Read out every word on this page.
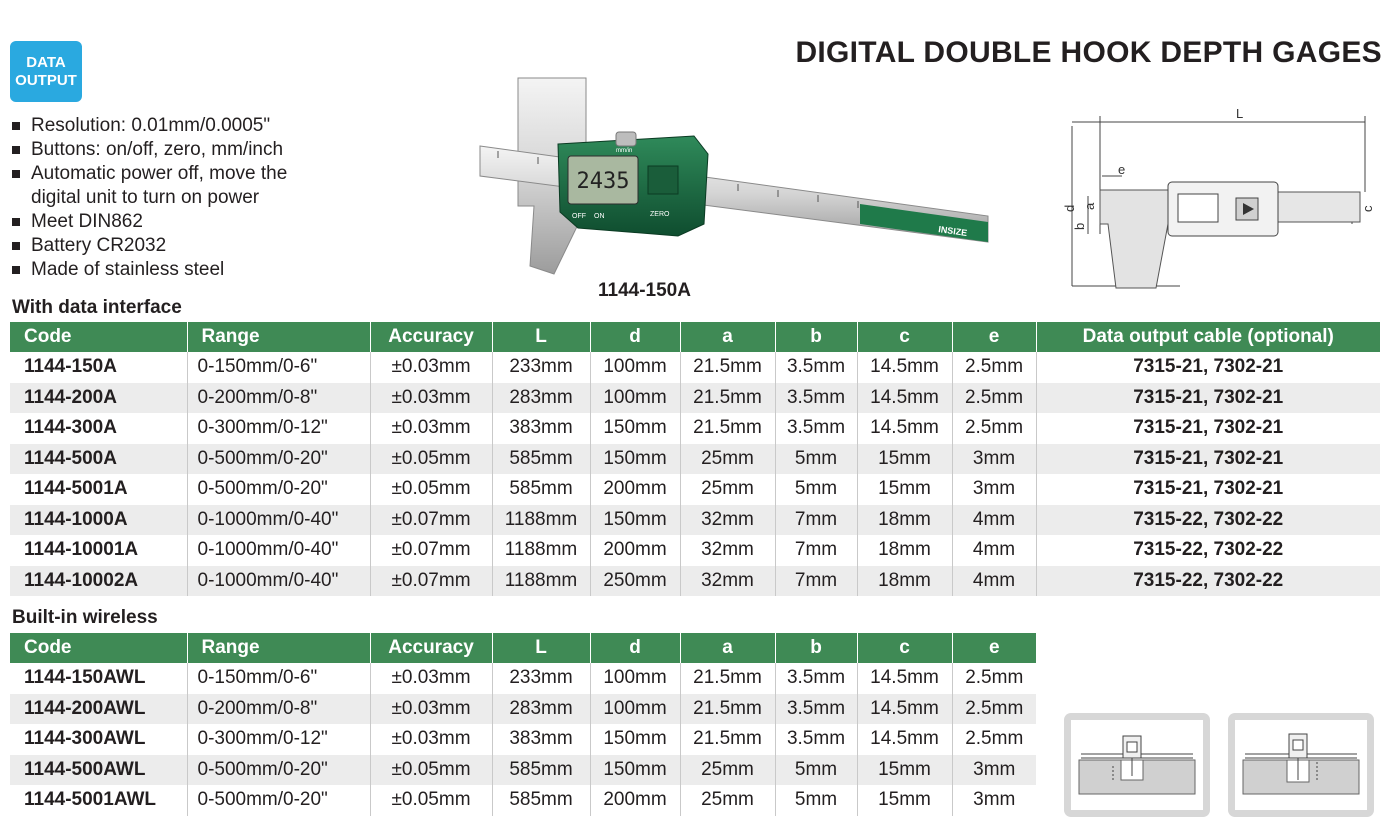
DATA
OUTPUT
DIGITAL DOUBLE HOOK DEPTH GAGES
Resolution: 0.01mm/0.0005"
Buttons: on/off, zero, mm/inch
Automatic power off, move the digital unit to turn on power
Meet DIN862
Battery CR2032
Made of stainless steel
2435
OFF ON	ZERO
mm/in
INSIZE
1144-150A
L
d a
b
c
e
With data interface
Code	Range	Accuracy	L	d	a	b	c	e	Data output cable (optional)
1144-150A	0-150mm/0-6"	±0.03mm	233mm	100mm	21.5mm	3.5mm	14.5mm	2.5mm	7315-21, 7302-21
1144-200A	0-200mm/0-8"	±0.03mm	283mm	100mm	21.5mm	3.5mm	14.5mm	2.5mm	7315-21, 7302-21
1144-300A	0-300mm/0-12"	±0.03mm	383mm	150mm	21.5mm	3.5mm	14.5mm	2.5mm	7315-21, 7302-21
1144-500A	0-500mm/0-20"	±0.05mm	585mm	150mm	25mm	5mm	15mm	3mm	7315-21, 7302-21
1144-5001A	0-500mm/0-20"	±0.05mm	585mm	200mm	25mm	5mm	15mm	3mm	7315-21, 7302-21
1144-1000A	0-1000mm/0-40"	±0.07mm	1188mm	150mm	32mm	7mm	18mm	4mm	7315-22, 7302-22
1144-10001A	0-1000mm/0-40"	±0.07mm	1188mm	200mm	32mm	7mm	18mm	4mm	7315-22, 7302-22
1144-10002A	0-1000mm/0-40"	±0.07mm	1188mm	250mm	32mm	7mm	18mm	4mm	7315-22, 7302-22
Built-in wireless
Code	Range	Accuracy	L	d	a	b	c	e
1144-150AWL	0-150mm/0-6"	±0.03mm	233mm	100mm	21.5mm	3.5mm	14.5mm	2.5mm
1144-200AWL	0-200mm/0-8"	±0.03mm	283mm	100mm	21.5mm	3.5mm	14.5mm	2.5mm
1144-300AWL	0-300mm/0-12"	±0.03mm	383mm	150mm	21.5mm	3.5mm	14.5mm	2.5mm
1144-500AWL	0-500mm/0-20"	±0.05mm	585mm	150mm	25mm	5mm	15mm	3mm
1144-5001AWL	0-500mm/0-20"	±0.05mm	585mm	200mm	25mm	5mm	15mm	3mm
